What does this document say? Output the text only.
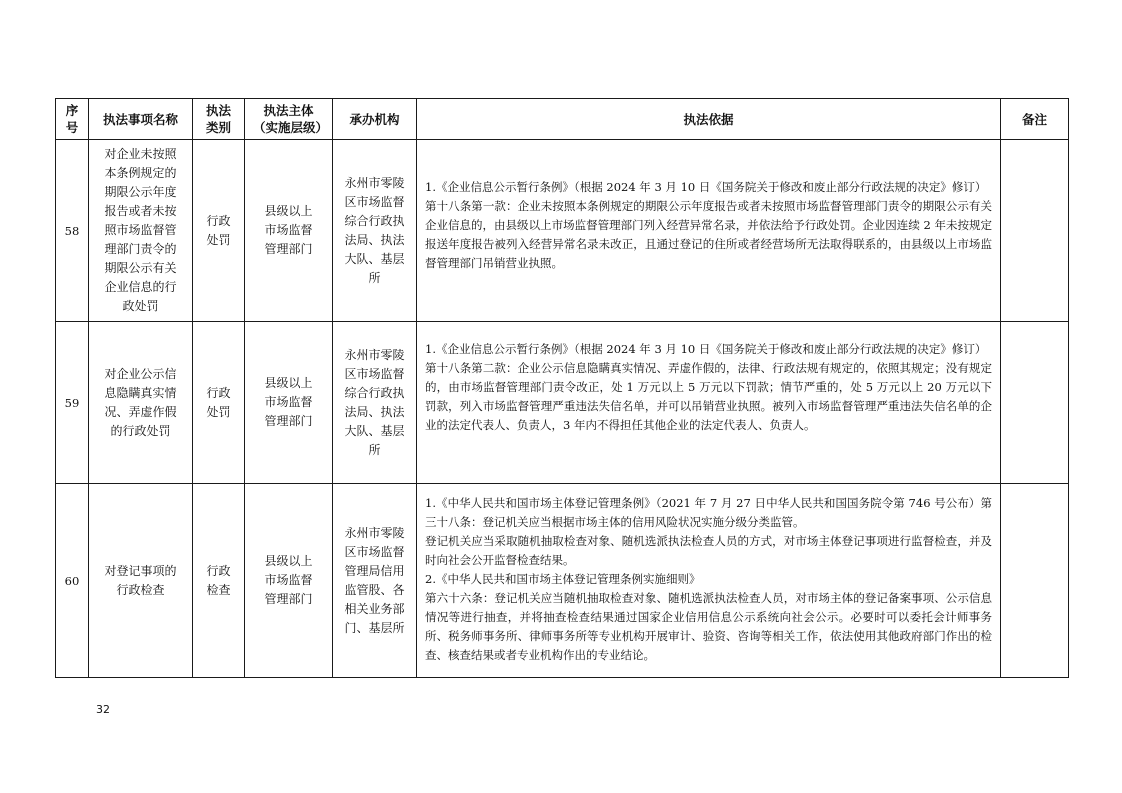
序号	执法事项名称	执法类别	执法主体（实施层级）	承办机构	执法依据	备注
58	对企业未按照本条例规定的期限公示年度报告或者未按照市场监督管理部门责令的期限公示有关企业信息的行政处罚	行政处罚	县级以上市场监督管理部门	永州市零陵区市场监督综合行政执法局、执法大队、基层所	1.《企业信息公示暂行条例》（根据 2024 年 3 月 10 日《国务院关于修改和废止部分行政法规的决定》修订）

第十八条第一款：企业未按照本条例规定的期限公示年度报告或者未按照市场监督管理部门责令的期限公示有关企业信息的，由县级以上市场监督管理部门列入经营异常名录，并依法给予行政处罚。企业因连续 2 年未按规定报送年度报告被列入经营异常名录未改正，且通过登记的住所或者经营场所无法取得联系的，由县级以上市场监督管理部门吊销营业执照。	

59	对企业公示信息隐瞒真实情况、弄虚作假的行政处罚	行政处罚	县级以上市场监督管理部门	永州市零陵区市场监督综合行政执法局、执法大队、基层所	1.《企业信息公示暂行条例》（根据 2024 年 3 月 10 日《国务院关于修改和废止部分行政法规的决定》修订）

第十八条第二款：企业公示信息隐瞒真实情况、弄虚作假的，法律、行政法规有规定的，依照其规定；没有规定的，由市场监督管理部门责令改正，处 1 万元以上 5 万元以下罚款；情节严重的，处 5 万元以上 20 万元以下罚款，列入市场监督管理严重违法失信名单，并可以吊销营业执照。被列入市场监督管理严重违法失信名单的企业的法定代表人、负责人，3 年内不得担任其他企业的法定代表人、负责人。	

60	对登记事项的行政检查	行政检查	县级以上市场监督管理部门	永州市零陵区市场监督管理局信用监管股、各相关业务部门、基层所	1.《中华人民共和国市场主体登记管理条例》（2021 年 7 月 27 日中华人民共和国国务院令第 746 号公布）第三十八条：登记机关应当根据市场主体的信用风险状况实施分级分类监管。

登记机关应当采取随机抽取检查对象、随机选派执法检查人员的方式，对市场主体登记事项进行监督检查，并及时向社会公开监督检查结果。

2.《中华人民共和国市场主体登记管理条例实施细则》

第六十六条：登记机关应当随机抽取检查对象、随机选派执法检查人员，对市场主体的登记备案事项、公示信息情况等进行抽查，并将抽查检查结果通过国家企业信用信息公示系统向社会公示。必要时可以委托会计师事务所、税务师事务所、律师事务所等专业机构开展审计、验资、咨询等相关工作，依法使用其他政府部门作出的检查、核查结果或者专业机构作出的专业结论。	

32
